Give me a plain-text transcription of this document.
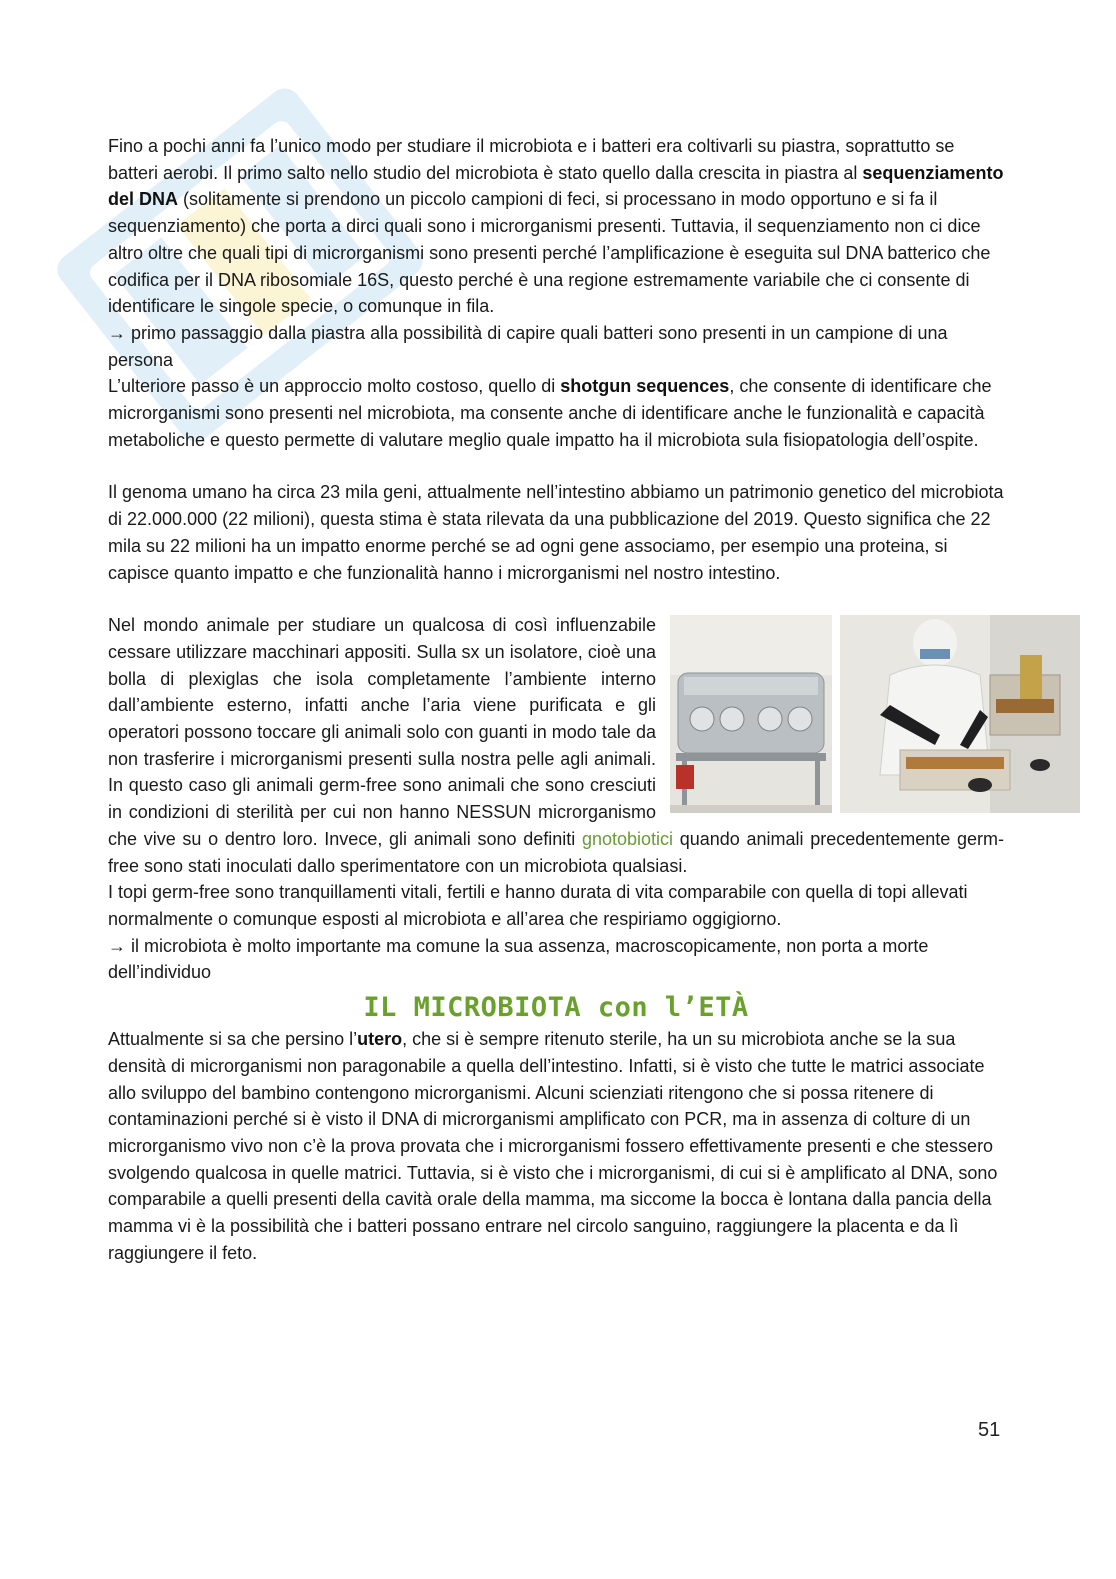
Fino a pochi anni fa l’unico modo per studiare il microbiota e i batteri era coltivarli su piastra, soprattutto se batteri aerobi. Il primo salto nello studio del microbiota è stato quello dalla crescita in piastra al sequenziamento del DNA (solitamente si prendono un piccolo campioni di feci, si processano in modo opportuno e si fa il sequenziamento) che porta a dirci quali sono i microrganismi presenti. Tuttavia, il sequenziamento non ci dice altro oltre che quali tipi di microrganismi sono presenti perché l’amplificazione è eseguita sul DNA batterico che codifica per il DNA ribosomiale 16S, questo perché è una regione estremamente variabile che ci consente di identificare le singole specie, o comunque in fila.

→ primo passaggio dalla piastra alla possibilità di capire quali batteri sono presenti in un campione di una persona

L’ulteriore passo è un approccio molto costoso, quello di shotgun sequences, che consente di identificare che microrganismi sono presenti nel microbiota, ma consente anche di identificare anche le funzionalità e capacità metaboliche e questo permette di valutare meglio quale impatto ha il microbiota sula fisiopatologia dell’ospite.

Il genoma umano ha circa 23 mila geni, attualmente nell’intestino abbiamo un patrimonio genetico del microbiota di 22.000.000 (22 milioni), questa stima è stata rilevata da una pubblicazione del 2019. Questo significa che 22 mila su 22 milioni ha un impatto enorme perché se ad ogni gene associamo, per esempio una proteina, si capisce quanto impatto e che funzionalità hanno i microrganismi nel nostro intestino.

Nel mondo animale per studiare un qualcosa di così influenzabile cessare utilizzare macchinari appositi. Sulla sx un isolatore, cioè una bolla di plexiglas che isola completamente l’ambiente interno dall’ambiente esterno, infatti anche l’aria viene purificata e gli operatori possono toccare gli animali solo con guanti in modo tale da non trasferire i microrganismi presenti sulla nostra pelle agli animali. In questo caso gli animali germ-free sono animali che sono cresciuti in condizioni di sterilità per cui non hanno NESSUN microrganismo che vive su o dentro loro. Invece, gli animali sono definiti gnotobiotici quando animali precedentemente germ-free sono stati inoculati dallo sperimentatore con un microbiota qualsiasi.

I topi germ-free sono tranquillamenti vitali, fertili e hanno durata di vita comparabile con quella di topi allevati normalmente o comunque esposti al microbiota e all’area che respiriamo oggigiorno.

→ il microbiota è molto importante ma comune la sua assenza, macroscopicamente, non porta a morte dell’individuo

IL MICROBIOTA con l’ETÀ

Attualmente si sa che persino l’utero, che si è sempre ritenuto sterile, ha un su microbiota anche se la sua densità di microrganismi non paragonabile a quella dell’intestino. Infatti, si è visto che tutte le matrici associate allo sviluppo del bambino contengono microrganismi. Alcuni scienziati ritengono che si possa ritenere di contaminazioni perché si è visto il DNA di microrganismi amplificato con PCR, ma in assenza di colture di un microrganismo vivo non c’è la prova provata che i microrganismi fossero effettivamente presenti e che stessero svolgendo qualcosa in quelle matrici. Tuttavia, si è visto che i microrganismi, di cui si è amplificato al DNA, sono comparabile a quelli presenti della cavità orale della mamma, ma siccome la bocca è lontana dalla pancia della mamma vi è la possibilità che i batteri possano entrare nel circolo sanguino, raggiungere la placenta e da lì raggiungere il feto.

51
